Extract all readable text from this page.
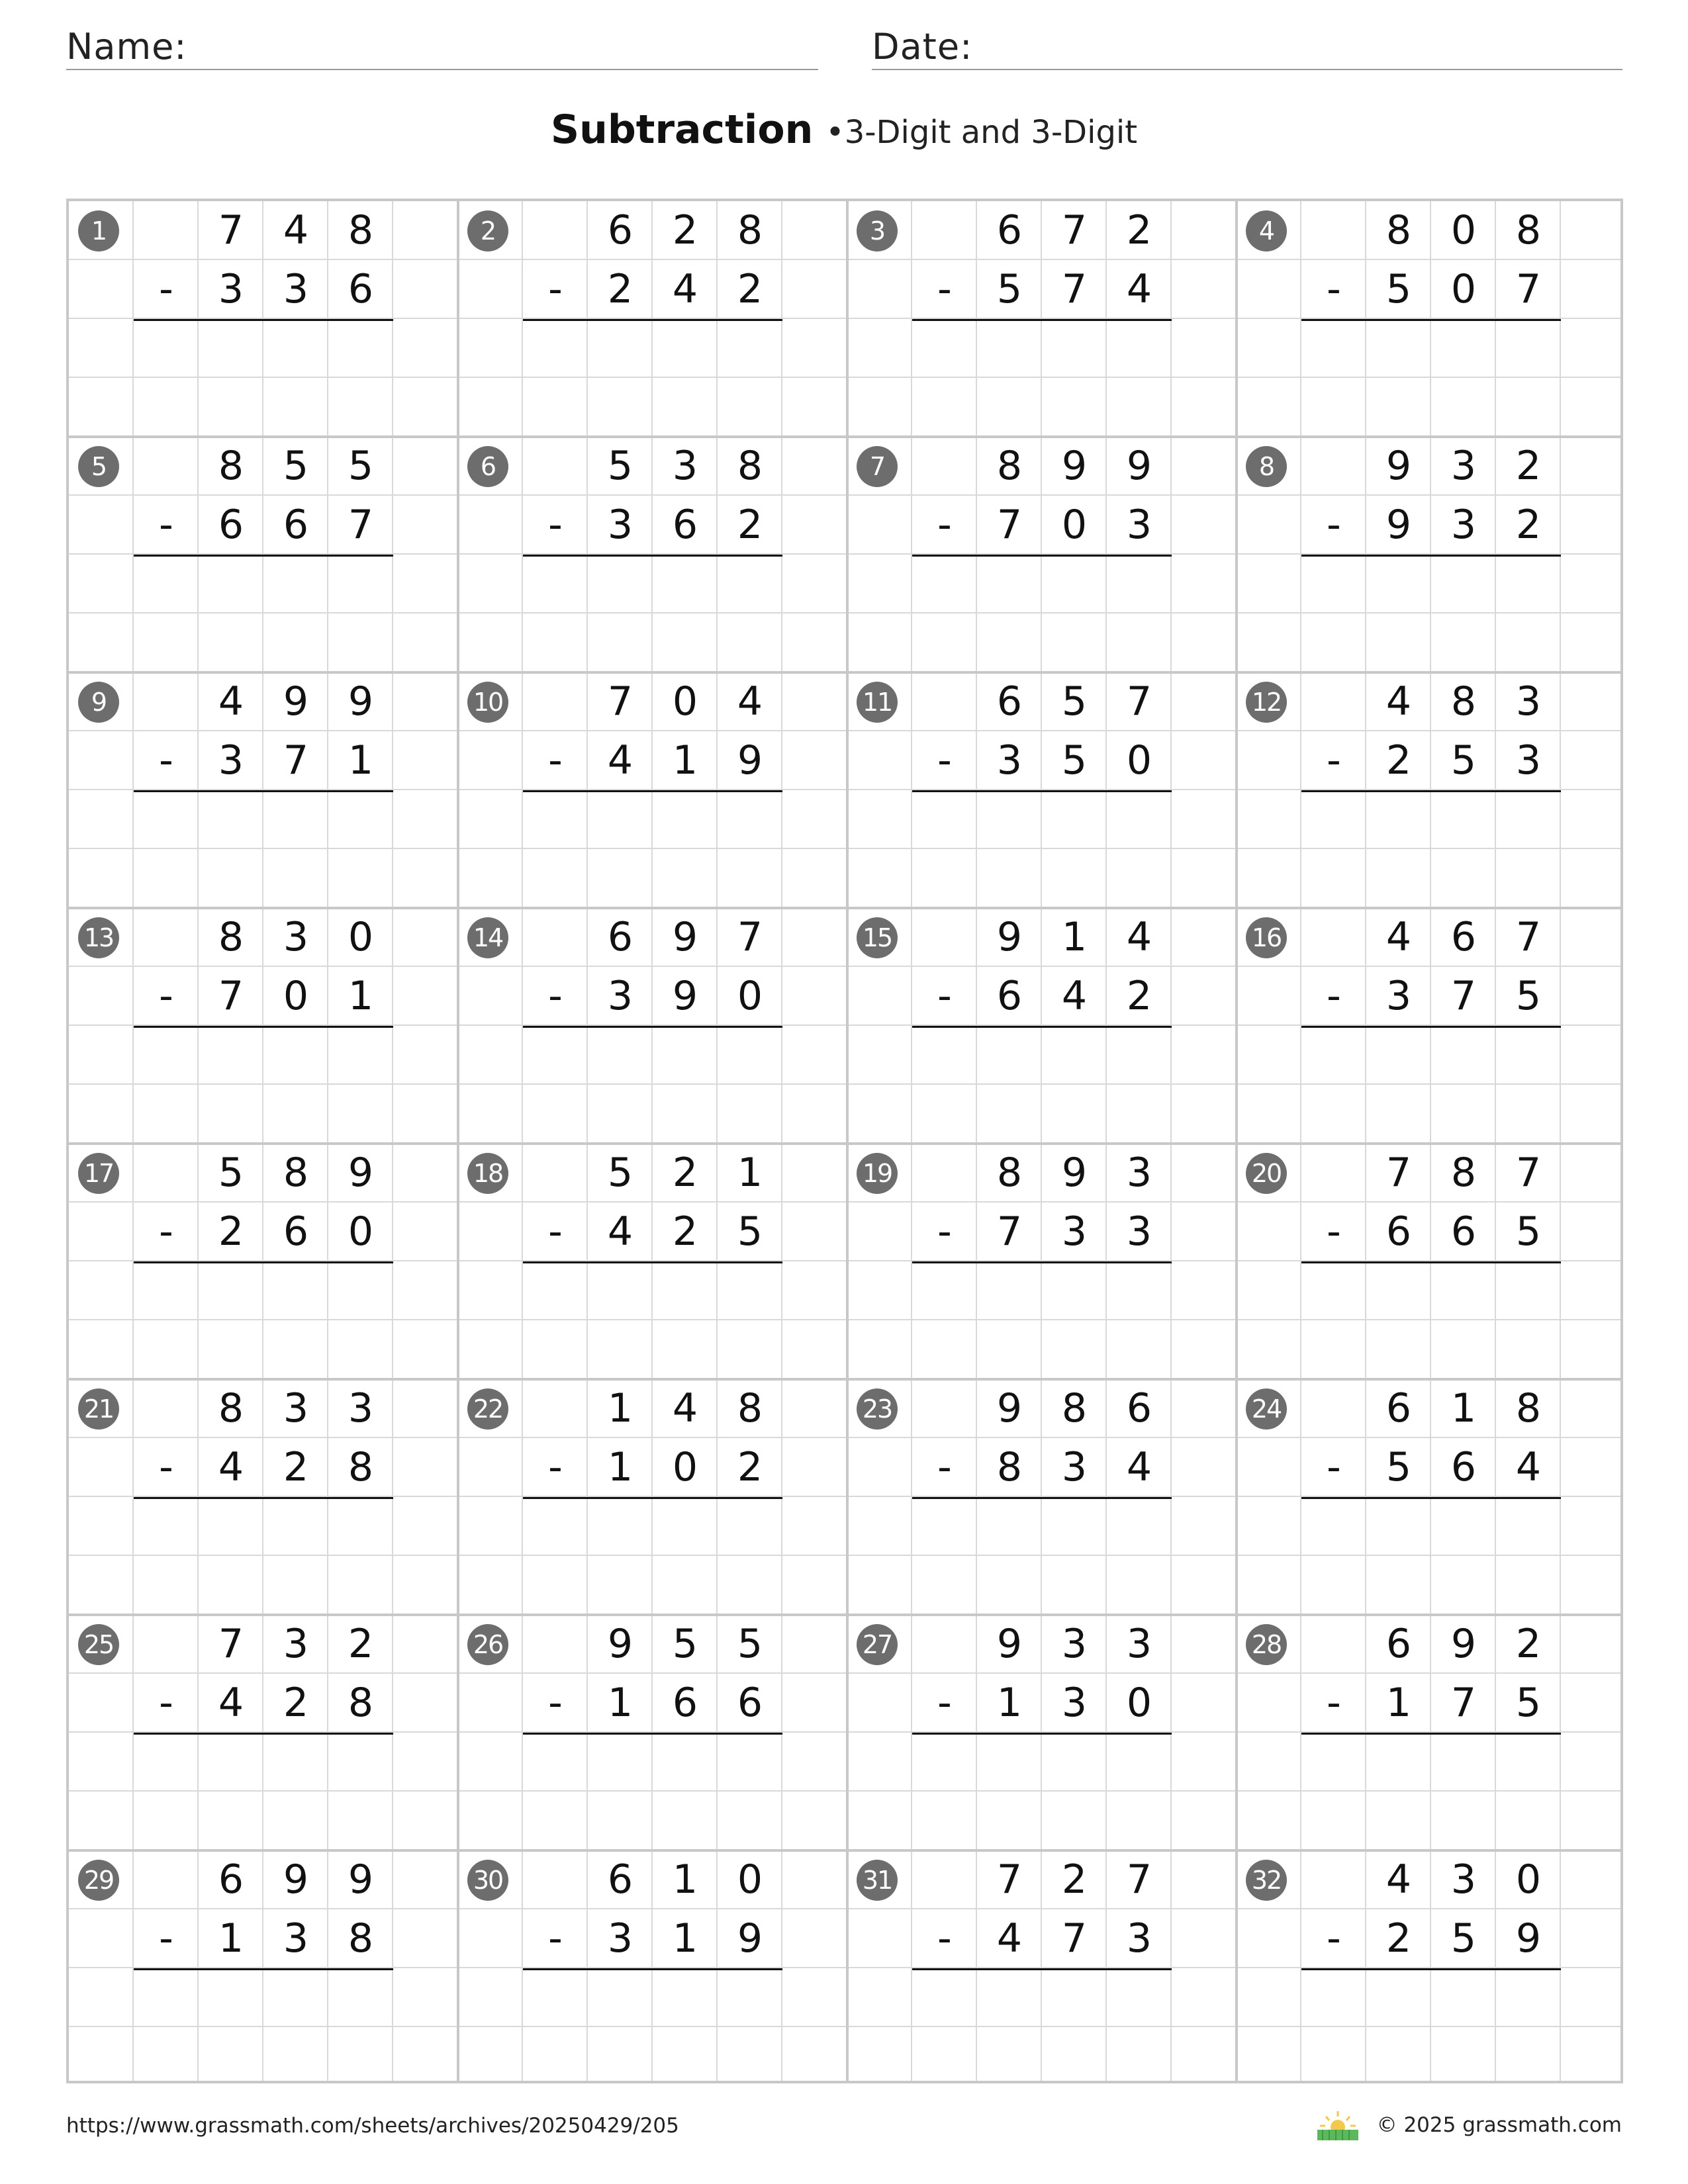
Name:	Date:
Subtraction •3-Digit and 3-Digit
1	7 4 8
-	3 3 6
2	6 2 8
-	2 4 2
3	6 7 2
-	5 7 4
4	8 0 8
-	5 0 7
5	8 5 5
-	6 6 7
6	5 3 8
-	3 6 2
7	8 9 9
-	7 0 3
8	9 3 2
-	9 3 2
9	4 9 9
-	3 7 1
10	7 0 4
-	4 1 9
11	6 5 7
-	3 5 0
12	4 8 3
-	2 5 3
13	8 3 0
-	7 0 1
14	6 9 7
-	3 9 0
15	9 1 4
-	6 4 2
16	4 6 7
-	3 7 5
17	5 8 9
-	2 6 0
18	5 2 1
-	4 2 5
19	8 9 3
-	7 3 3
20	7 8 7
-	6 6 5
21	8 3 3
-	4 2 8
22	1 4 8
-	1 0 2
23	9 8 6
-	8 3 4
24	6 1 8
-	5 6 4
25	7 3 2
-	4 2 8
26	9 5 5
-	1 6 6
27	9 3 3
-	1 3 0
28	6 9 2
-	1 7 5
29	6 9 9
-	1 3 8
30	6 1 0
-	3 1 9
31	7 2 7
-	4 7 3
32	4 3 0
-	2 5 9
https://www.grassmath.com/sheets/archives/20250429/205	© 2025 grassmath.com
